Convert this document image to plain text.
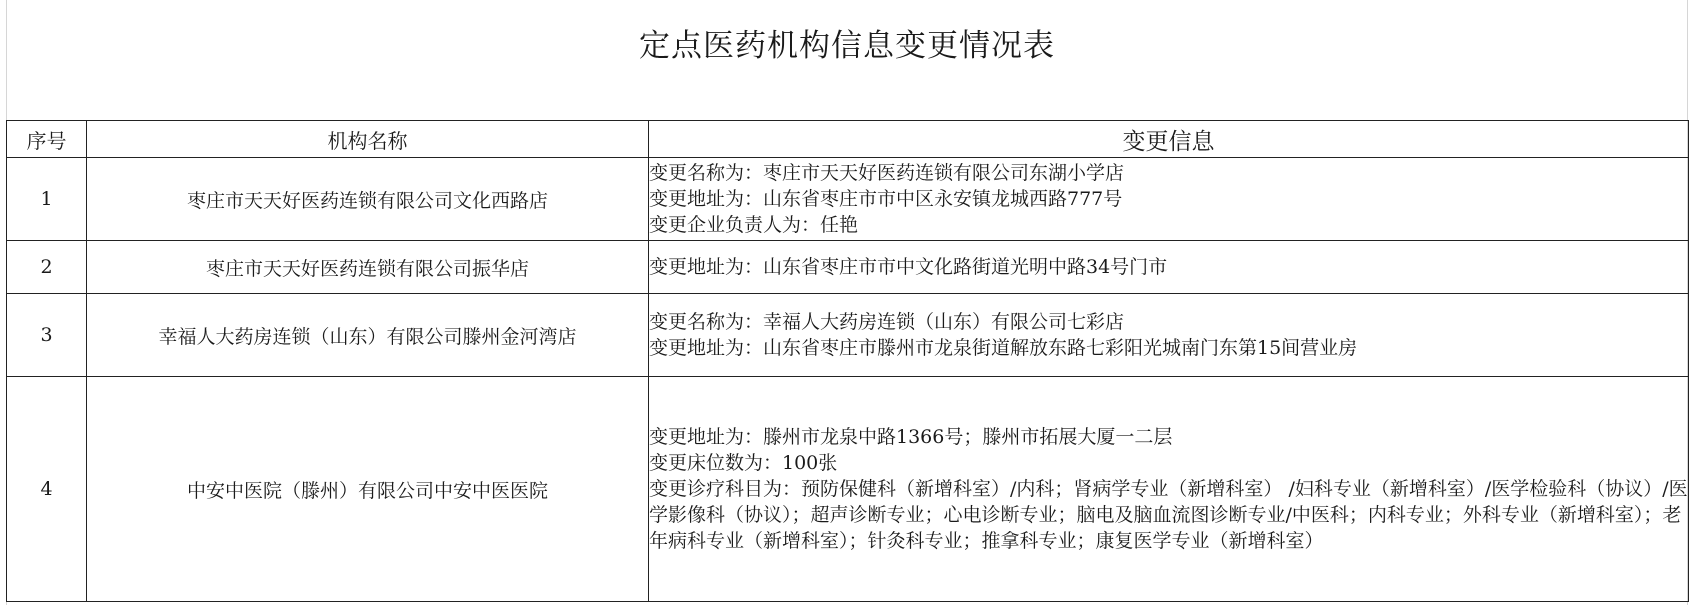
定点医药机构信息变更情况表
序号	机构名称	变更信息
1	枣庄市天天好医药连锁有限公司文化西路店	变更名称为：枣庄市天天好医药连锁有限公司东湖小学店
变更地址为：山东省枣庄市市中区永安镇龙城西路777号
变更企业负责人为：任艳

2	枣庄市天天好医药连锁有限公司振华店	变更地址为：山东省枣庄市市中文化路街道光明中路34号门市

3	幸福人大药房连锁（山东）有限公司滕州金河湾店	变更名称为：幸福人大药房连锁（山东）有限公司七彩店
变更地址为：山东省枣庄市滕州市龙泉街道解放东路七彩阳光城南门东第15间营业房

4	中安中医院（滕州）有限公司中安中医医院	变更地址为：滕州市龙泉中路1366号；滕州市拓展大厦一二层
变更床位数为：100张
变更诊疗科目为：预防保健科（新增科室）/内科；肾病学专业（新增科室） /妇科专业（新增科室）/医学检验科（协议）/医学影像科（协议）；超声诊断专业；心电诊断专业；脑电及脑血流图诊断专业/中医科；内科专业；外科专业（新增科室）；老年病科专业（新增科室）；针灸科专业；推拿科专业；康复医学专业（新增科室）
